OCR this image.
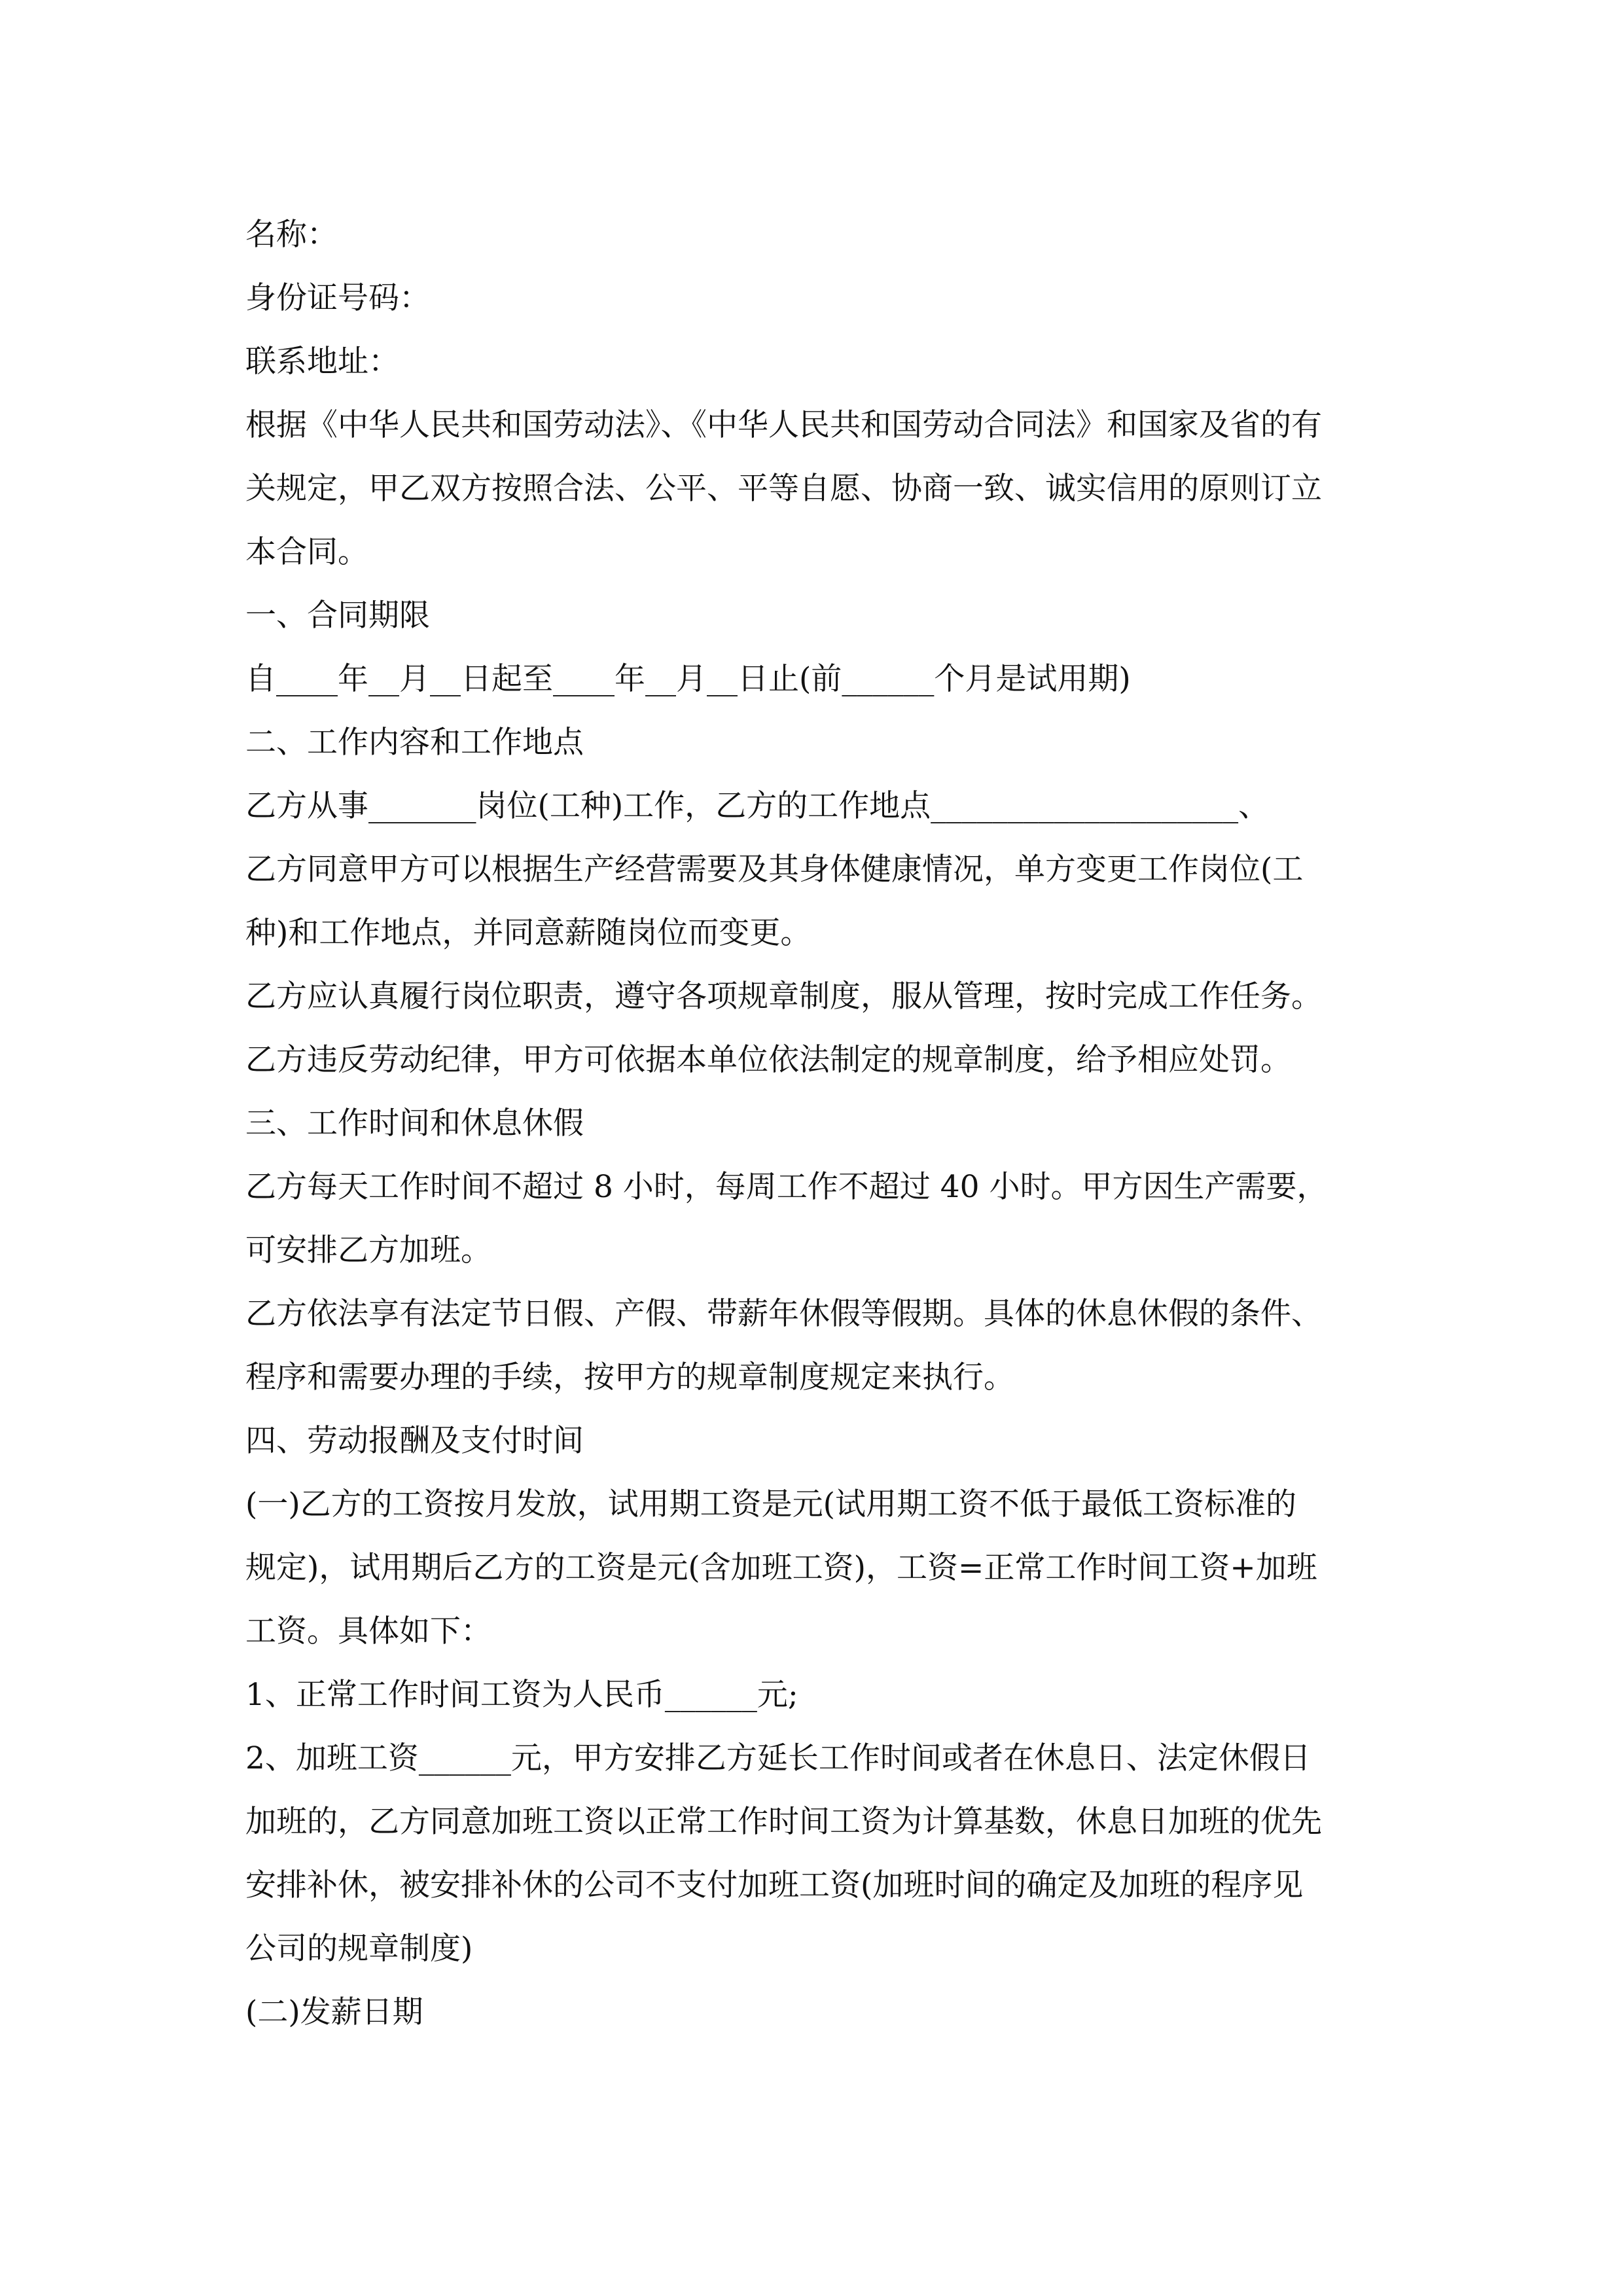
名称：
身份证号码：
联系地址：
根据《中华人民共和国劳动法》、《中华人民共和国劳动合同法》和国家及省的有
关规定，甲乙双方按照合法、公平、平等自愿、协商一致、诚实信用的原则订立
本合同。
一、合同期限
自____年__月__日起至____年__月__日止(前______个月是试用期)
二、工作内容和工作地点
乙方从事_______岗位(工种)工作，乙方的工作地点____________________、
乙方同意甲方可以根据生产经营需要及其身体健康情况，单方变更工作岗位(工
种)和工作地点，并同意薪随岗位而变更。
乙方应认真履行岗位职责，遵守各项规章制度，服从管理，按时完成工作任务。
乙方违反劳动纪律，甲方可依据本单位依法制定的规章制度，给予相应处罚。
三、工作时间和休息休假
乙方每天工作时间不超过 8 小时，每周工作不超过 40 小时。甲方因生产需要，
可安排乙方加班。
乙方依法享有法定节日假、产假、带薪年休假等假期。具体的休息休假的条件、
程序和需要办理的手续，按甲方的规章制度规定来执行。
四、劳动报酬及支付时间
(一)乙方的工资按月发放，试用期工资是元(试用期工资不低于最低工资标准的
规定)，试用期后乙方的工资是元(含加班工资)，工资=正常工作时间工资+加班
工资。具体如下：
1、正常工作时间工资为人民币______元;
2、加班工资______元，甲方安排乙方延长工作时间或者在休息日、法定休假日
加班的，乙方同意加班工资以正常工作时间工资为计算基数，休息日加班的优先
安排补休，被安排补休的公司不支付加班工资(加班时间的确定及加班的程序见
公司的规章制度)
(二)发薪日期
